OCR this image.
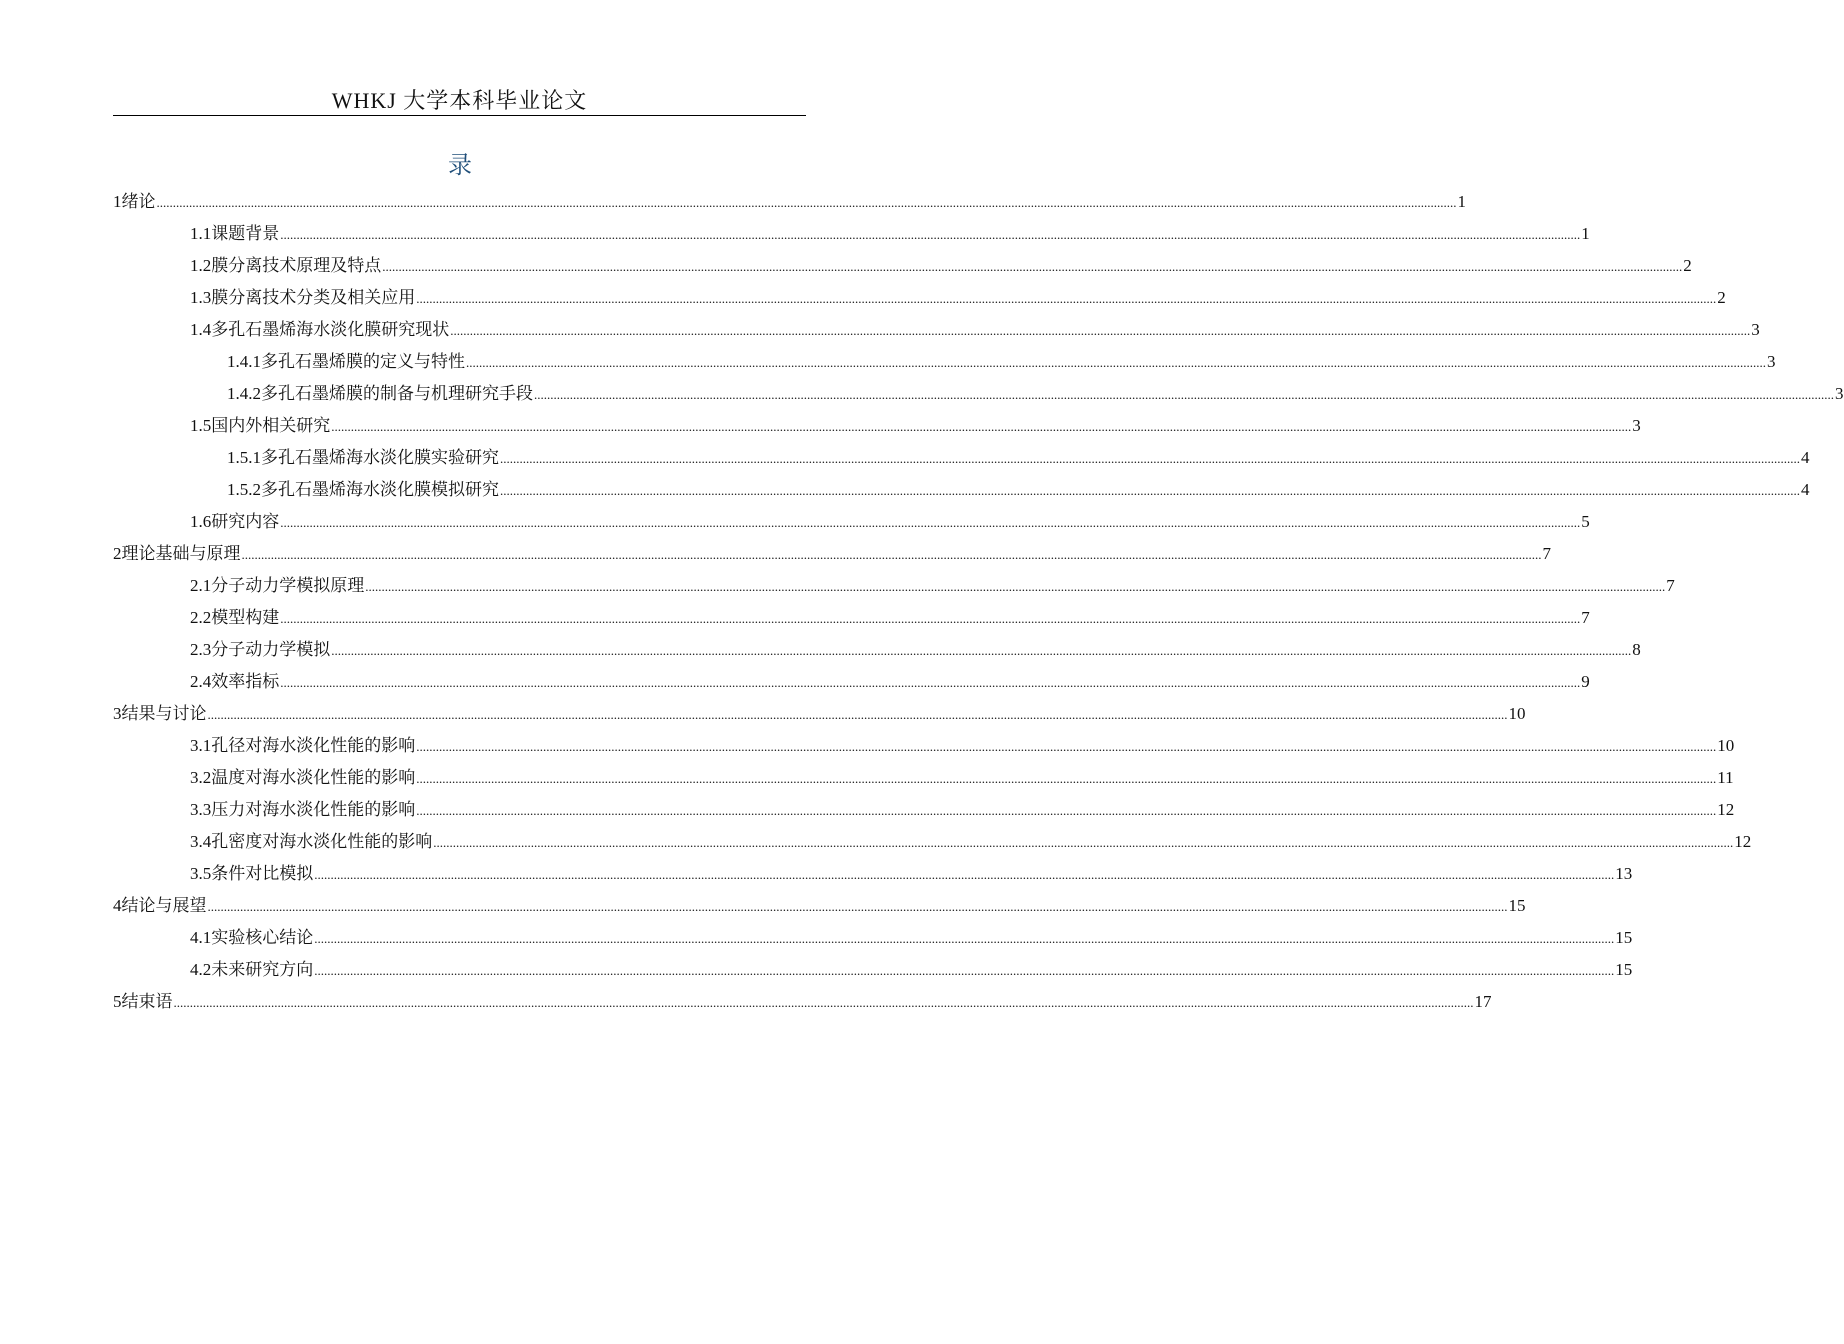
WHKJ 大学本科毕业论文
录
1 绪论 ................................................................................................................................................................................................................................................................................................................................................................................................................ 1
1.1 课题背景 ................................................................................................................................................................................................................................................................................................................................................................................................................ 1
1.2 膜分离技术原理及特点 ................................................................................................................................................................................................................................................................................................................................................................................................................ 2
1.3 膜分离技术分类及相关应用 ................................................................................................................................................................................................................................................................................................................................................................................................................ 2
1.4 多孔石墨烯海水淡化膜研究现状 ................................................................................................................................................................................................................................................................................................................................................................................................................ 3
1.4.1 多孔石墨烯膜的定义与特性 ................................................................................................................................................................................................................................................................................................................................................................................................................ 3
1.4.2 多孔石墨烯膜的制备与机理研究手段 ................................................................................................................................................................................................................................................................................................................................................................................................................ 3
1.5 国内外相关研究 ................................................................................................................................................................................................................................................................................................................................................................................................................ 3
1.5.1 多孔石墨烯海水淡化膜实验研究 ................................................................................................................................................................................................................................................................................................................................................................................................................ 4
1.5.2 多孔石墨烯海水淡化膜模拟研究 ................................................................................................................................................................................................................................................................................................................................................................................................................ 4
1.6 研究内容 ................................................................................................................................................................................................................................................................................................................................................................................................................ 5
2 理论基础与原理 ................................................................................................................................................................................................................................................................................................................................................................................................................ 7
2.1 分子动力学模拟原理 ................................................................................................................................................................................................................................................................................................................................................................................................................ 7
2.2 模型构建 ................................................................................................................................................................................................................................................................................................................................................................................................................ 7
2.3 分子动力学模拟 ................................................................................................................................................................................................................................................................................................................................................................................................................ 8
2.4 效率指标 ................................................................................................................................................................................................................................................................................................................................................................................................................ 9
3 结果与讨论 ................................................................................................................................................................................................................................................................................................................................................................................................................ 10
3.1 孔径对海水淡化性能的影响 ................................................................................................................................................................................................................................................................................................................................................................................................................ 10
3.2 温度对海水淡化性能的影响 ................................................................................................................................................................................................................................................................................................................................................................................................................ 11
3.3 压力对海水淡化性能的影响 ................................................................................................................................................................................................................................................................................................................................................................................................................ 12
3.4 孔密度对海水淡化性能的影响 ................................................................................................................................................................................................................................................................................................................................................................................................................ 12
3.5 条件对比模拟 ................................................................................................................................................................................................................................................................................................................................................................................................................ 13
4 结论与展望 ................................................................................................................................................................................................................................................................................................................................................................................................................ 15
4.1 实验核心结论 ................................................................................................................................................................................................................................................................................................................................................................................................................ 15
4.2 未来研究方向 ................................................................................................................................................................................................................................................................................................................................................................................................................ 15
5 结束语 ................................................................................................................................................................................................................................................................................................................................................................................................................ 17
